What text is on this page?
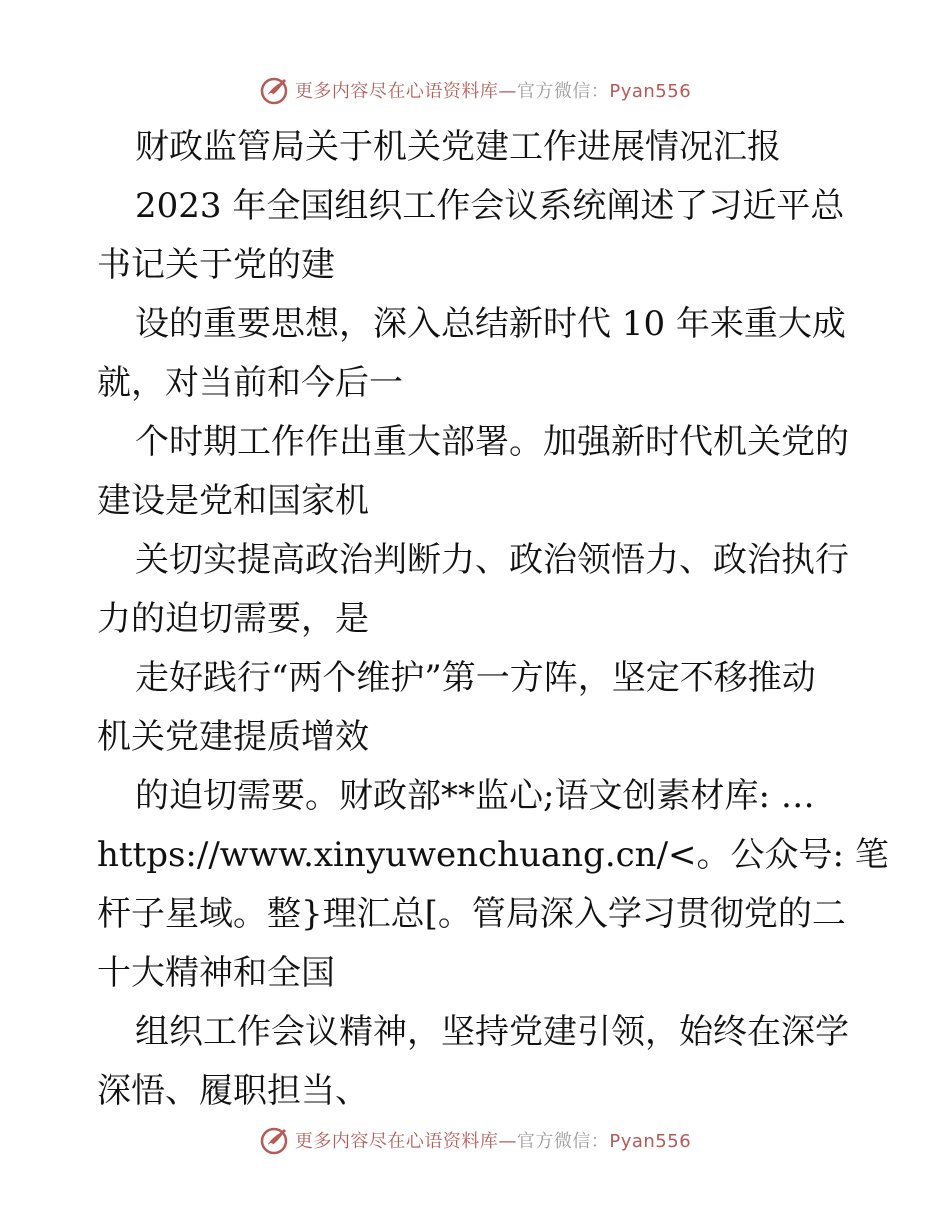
更多内容尽在心语资料库—官方微信：Pyan556
财政监管局关于机关党建工作进展情况汇报
2023 年全国组织工作会议系统阐述了习近平总
书记关于党的建
设的重要思想，深入总结新时代 10 年来重大成
就，对当前和今后一
个时期工作作出重大部署。加强新时代机关党的
建设是党和国家机
关切实提高政治判断力、政治领悟力、政治执行
力的迫切需要，是
走好践行“两个维护”第一方阵，坚定不移推动
机关党建提质增效
的迫切需要。财政部**监心;语文创素材库: …
https://www.xinyuwenchuang.cn/<。公众号: 笔
杆子星域。整}理汇总[。管局深入学习贯彻党的二
十大精神和全国
组织工作会议精神，坚持党建引领，始终在深学
深悟、履职担当、
更多内容尽在心语资料库—官方微信：Pyan556
